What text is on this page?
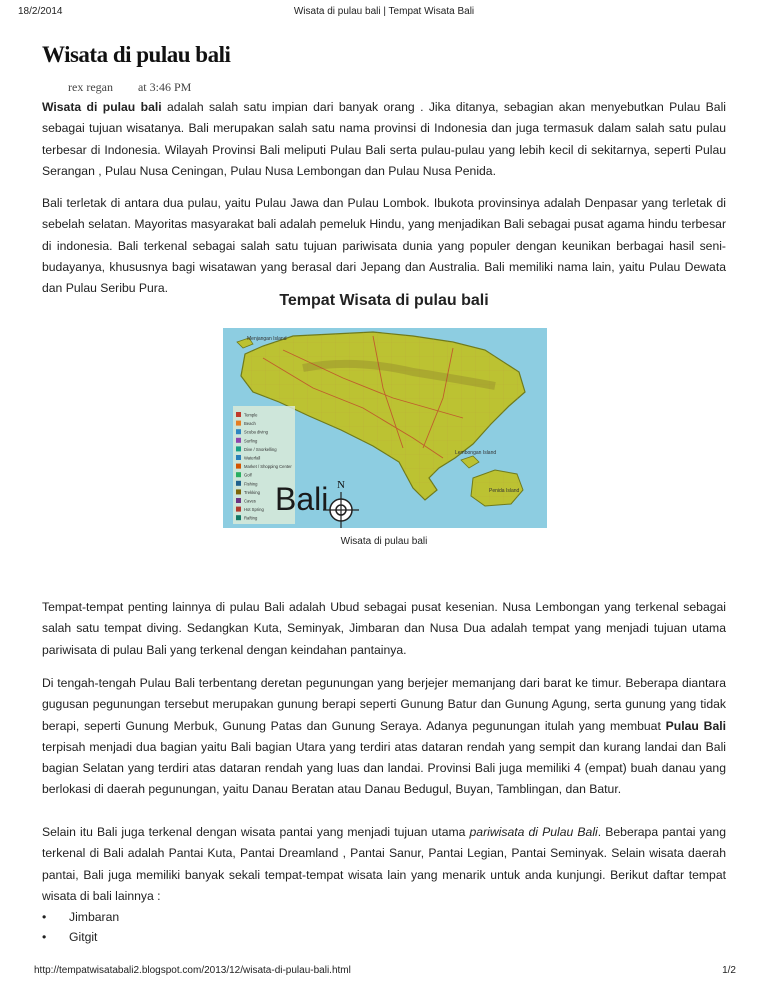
18/2/2014	Wisata di pulau bali | Tempat Wisata Bali
Wisata di pulau bali
rex regan at 3:46 PM

Wisata di pulau bali adalah salah satu impian dari banyak orang . Jika ditanya, sebagian akan menyebutkan Pulau Bali sebagai tujuan wisatanya. Bali merupakan salah satu nama provinsi di Indonesia dan juga termasuk dalam salah satu pulau terbesar di Indonesia. Wilayah Provinsi Bali meliputi Pulau Bali serta pulau-pulau yang lebih kecil di sekitarnya, seperti Pulau Serangan , Pulau Nusa Ceningan, Pulau Nusa Lembongan dan Pulau Nusa Penida.

Bali terletak di antara dua pulau, yaitu Pulau Jawa dan Pulau Lombok. Ibukota provinsinya adalah Denpasar yang terletak di sebelah selatan. Mayoritas masyarakat bali adalah pemeluk Hindu, yang menjadikan Bali sebagai pusat agama hindu terbesar di indonesia. Bali terkenal sebagai salah satu tujuan pariwisata dunia yang populer dengan keunikan berbagai hasil seni-budayanya, khususnya bagi wisatawan yang berasal dari Jepang dan Australia. Bali memiliki nama lain, yaitu Pulau Dewata dan Pulau Seribu Pura.

Tempat Wisata di pulau bali
Menjangan Island
Lembongan Island
Penida Island
Temple
Beach
Scuba diving
Surfing
Dive / Snorkelling
Waterfall
Market / Shopping Center
Golf
Fishing
Trekking
Caves
Hot Spring
Rafting
Bali N
Wisata di pulau bali

Tempat-tempat penting lainnya di pulau Bali adalah Ubud sebagai pusat kesenian. Nusa Lembongan yang terkenal sebagai salah satu tempat diving. Sedangkan Kuta, Seminyak, Jimbaran dan Nusa Dua adalah tempat yang menjadi tujuan utama pariwisata di pulau Bali yang terkenal dengan keindahan pantainya.

Di tengah-tengah Pulau Bali terbentang deretan pegunungan yang berjejer memanjang dari barat ke timur. Beberapa diantara gugusan pegunungan tersebut merupakan gunung berapi seperti Gunung Batur dan Gunung Agung, serta gunung yang tidak berapi, seperti Gunung Merbuk, Gunung Patas dan Gunung Seraya. Adanya pegunungan itulah yang membuat Pulau Bali terpisah menjadi dua bagian yaitu Bali bagian Utara yang terdiri atas dataran rendah yang sempit dan kurang landai dan Bali bagian Selatan yang terdiri atas dataran rendah yang luas dan landai. Provinsi Bali juga memiliki 4 (empat) buah danau yang berlokasi di daerah pegunungan, yaitu Danau Beratan atau Danau Bedugul, Buyan, Tamblingan, dan Batur.

Selain itu Bali juga terkenal dengan wisata pantai yang menjadi tujuan utama pariwisata di Pulau Bali. Beberapa pantai yang terkenal di Bali adalah Pantai Kuta, Pantai Dreamland , Pantai Sanur, Pantai Legian, Pantai Seminyak. Selain wisata daerah pantai, Bali juga memiliki banyak sekali tempat-tempat wisata lain yang menarik untuk anda kunjungi. Berikut daftar tempat wisata di bali lainnya :

• Jimbaran
• Gitgit
http://tempatwisatabali2.blogspot.com/2013/12/wisata-di-pulau-bali.html	1/2
